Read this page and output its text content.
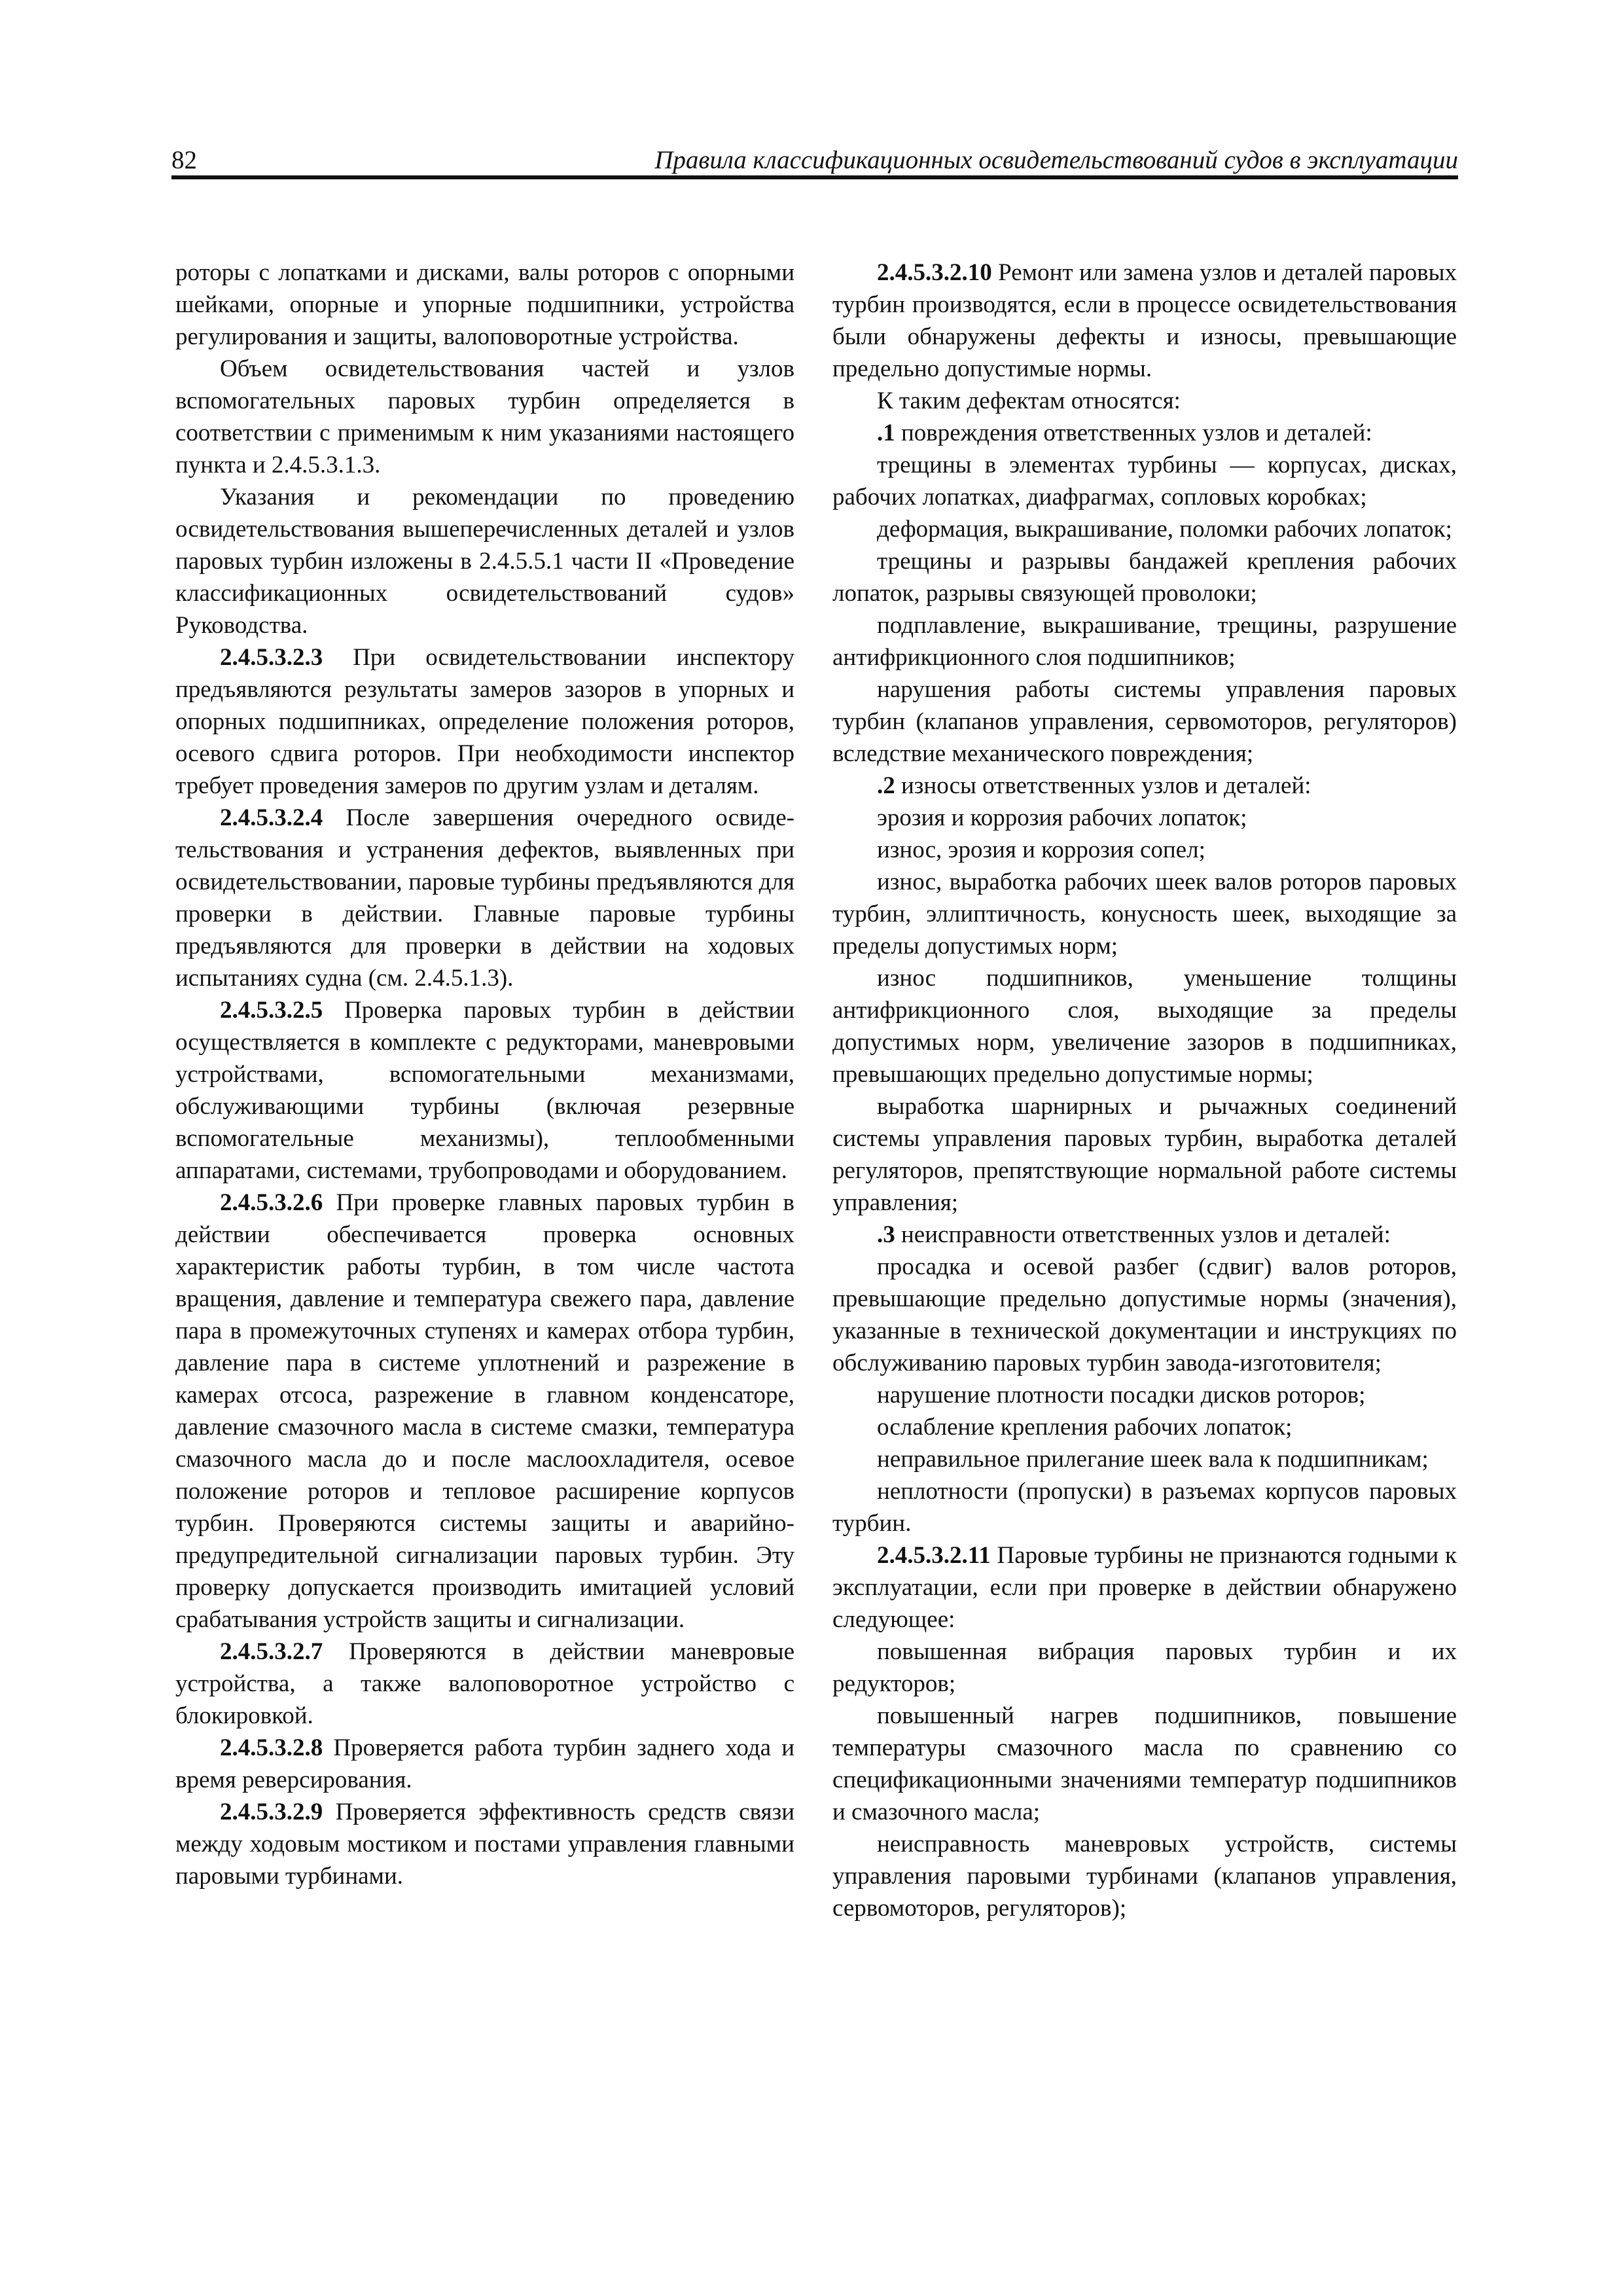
82	Правила классификационных освидетельствований судов в эксплуатации

роторы с лопатками и дисками, валы роторов с опорными шейками, опорные и упорные подшипники, устройства регулирования и защиты, валоповоротные устройства.

Объем освидетельствования частей и узлов вспомогательных паровых турбин определяется в соответствии с применимым к ним указаниями настоящего пункта и 2.4.5.3.1.3.

Указания и рекомендации по проведению освидетельствования вышеперечисленных деталей и узлов паровых турбин изложены в 2.4.5.5.1 части II «Проведение классификационных освидетельствований судов» Руководства.

2.4.5.3.2.3 При освидетельствовании инспектору предъявляются результаты замеров зазоров в упорных и опорных подшипниках, определение положения роторов, осевого сдвига роторов. При необходимости инспектор требует проведения замеров по другим узлам и деталям.

2.4.5.3.2.4 После завершения очередного освидетельствования и устранения дефектов, выявленных при освидетельствовании, паровые турбины предъявляются для проверки в действии. Главные паровые турбины предъявляются для проверки в действии на ходовых испытаниях судна (см. 2.4.5.1.3).

2.4.5.3.2.5 Проверка паровых турбин в действии осуществляется в комплекте с редукторами, маневровыми устройствами, вспомогательными механизмами, обслуживающими турбины (включая резервные вспомогательные механизмы), теплообменными аппаратами, системами, трубопроводами и оборудованием.

2.4.5.3.2.6 При проверке главных паровых турбин в действии обеспечивается проверка основных характеристик работы турбин, в том числе частота вращения, давление и температура свежего пара, давление пара в промежуточных ступенях и камерах отбора турбин, давление пара в системе уплотнений и разрежение в камерах отсоса, разрежение в главном конденсаторе, давление смазочного масла в системе смазки, температура смазочного масла до и после маслоохладителя, осевое положение роторов и тепловое расширение корпусов турбин. Проверяются системы защиты и аварийно-предупредительной сигнализации паровых турбин. Эту проверку допускается производить имитацией условий срабатывания устройств защиты и сигнализации.

2.4.5.3.2.7 Проверяются в действии маневровые устройства, а также валоповоротное устройство с блокировкой.

2.4.5.3.2.8 Проверяется работа турбин заднего хода и время реверсирования.

2.4.5.3.2.9 Проверяется эффективность средств связи между ходовым мостиком и постами управления главными паровыми турбинами.

2.4.5.3.2.10 Ремонт или замена узлов и деталей паровых турбин производятся, если в процессе освидетельствования были обнаружены дефекты и износы, превышающие предельно допустимые нормы.

К таким дефектам относятся:

.1 повреждения ответственных узлов и деталей:

трещины в элементах турбины — корпусах, дисках, рабочих лопатках, диафрагмах, сопловых коробках;

деформация, выкрашивание, поломки рабочих лопаток;

трещины и разрывы бандажей крепления рабочих лопаток, разрывы связующей проволоки;

подплавление, выкрашивание, трещины, разрушение антифрикционного слоя подшипников;

нарушения работы системы управления паровых турбин (клапанов управления, сервомоторов, регуляторов) вследствие механического повреждения;

.2 износы ответственных узлов и деталей:

эрозия и коррозия рабочих лопаток;

износ, эрозия и коррозия сопел;

износ, выработка рабочих шеек валов роторов паровых турбин, эллиптичность, конусность шеек, выходящие за пределы допустимых норм;

износ подшипников, уменьшение толщины антифрикционного слоя, выходящие за пределы допустимых норм, увеличение зазоров в подшипниках, превышающих предельно допустимые нормы;

выработка шарнирных и рычажных соединений системы управления паровых турбин, выработка деталей регуляторов, препятствующие нормальной работе системы управления;

.3 неисправности ответственных узлов и деталей:

просадка и осевой разбег (сдвиг) валов роторов, превышающие предельно допустимые нормы (значения), указанные в технической документации и инструкциях по обслуживанию паровых турбин завода-изготовителя;

нарушение плотности посадки дисков роторов;

ослабление крепления рабочих лопаток;

неправильное прилегание шеек вала к подшипникам;

неплотности (пропуски) в разъемах корпусов паровых турбин.

2.4.5.3.2.11 Паровые турбины не признаются годными к эксплуатации, если при проверке в действии обнаружено следующее:

повышенная вибрация паровых турбин и их редукторов;

повышенный нагрев подшипников, повышение температуры смазочного масла по сравнению со спецификационными значениями температур подшипников и смазочного масла;

неисправность маневровых устройств, системы управления паровыми турбинами (клапанов управления, сервомоторов, регуляторов);
